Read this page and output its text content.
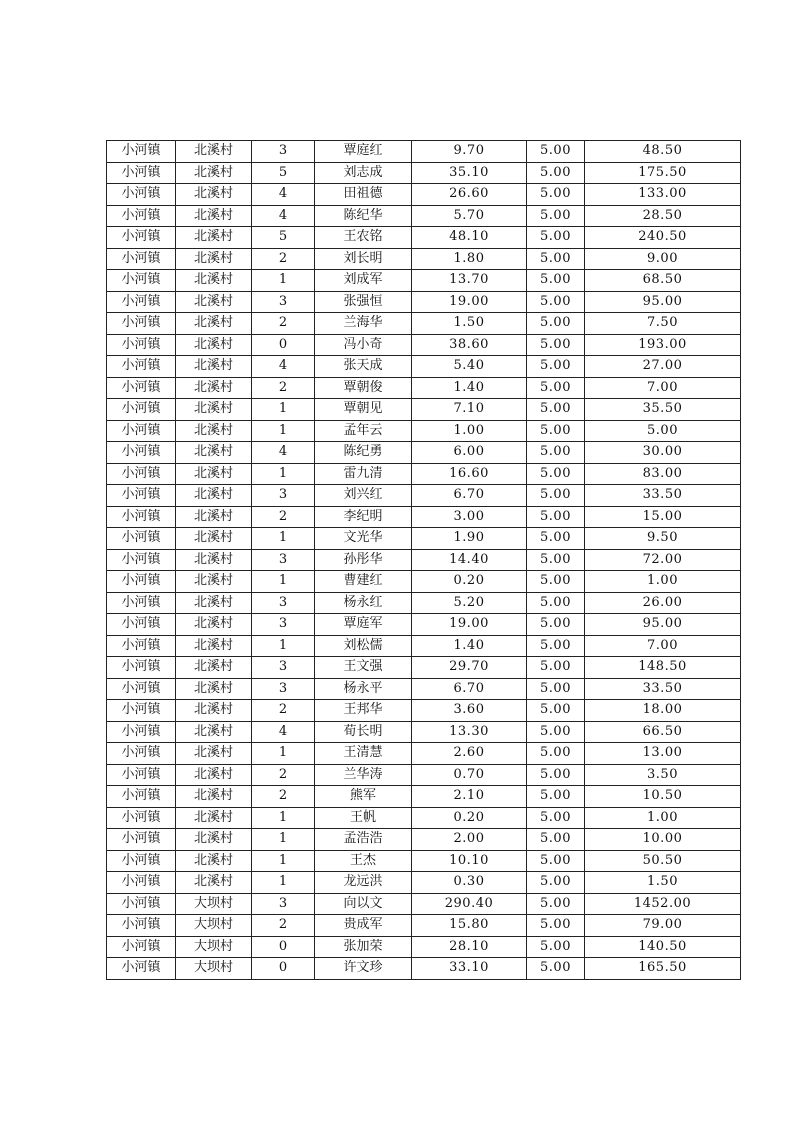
小河镇	北溪村	3	覃庭红	9.70	5.00	48.50
小河镇	北溪村	5	刘志成	35.10	5.00	175.50
小河镇	北溪村	4	田祖德	26.60	5.00	133.00
小河镇	北溪村	4	陈纪华	5.70	5.00	28.50
小河镇	北溪村	5	王农铭	48.10	5.00	240.50
小河镇	北溪村	2	刘长明	1.80	5.00	9.00
小河镇	北溪村	1	刘成军	13.70	5.00	68.50
小河镇	北溪村	3	张强恒	19.00	5.00	95.00
小河镇	北溪村	2	兰海华	1.50	5.00	7.50
小河镇	北溪村	0	冯小奇	38.60	5.00	193.00
小河镇	北溪村	4	张天成	5.40	5.00	27.00
小河镇	北溪村	2	覃朝俊	1.40	5.00	7.00
小河镇	北溪村	1	覃朝见	7.10	5.00	35.50
小河镇	北溪村	1	孟年云	1.00	5.00	5.00
小河镇	北溪村	4	陈纪勇	6.00	5.00	30.00
小河镇	北溪村	1	雷九清	16.60	5.00	83.00
小河镇	北溪村	3	刘兴红	6.70	5.00	33.50
小河镇	北溪村	2	李纪明	3.00	5.00	15.00
小河镇	北溪村	1	文光华	1.90	5.00	9.50
小河镇	北溪村	3	孙彤华	14.40	5.00	72.00
小河镇	北溪村	1	曹建红	0.20	5.00	1.00
小河镇	北溪村	3	杨永红	5.20	5.00	26.00
小河镇	北溪村	3	覃庭军	19.00	5.00	95.00
小河镇	北溪村	1	刘松儒	1.40	5.00	7.00
小河镇	北溪村	3	王文强	29.70	5.00	148.50
小河镇	北溪村	3	杨永平	6.70	5.00	33.50
小河镇	北溪村	2	王邦华	3.60	5.00	18.00
小河镇	北溪村	4	荀长明	13.30	5.00	66.50
小河镇	北溪村	1	王清慧	2.60	5.00	13.00
小河镇	北溪村	2	兰华涛	0.70	5.00	3.50
小河镇	北溪村	2	熊军	2.10	5.00	10.50
小河镇	北溪村	1	王帆	0.20	5.00	1.00
小河镇	北溪村	1	孟浩浩	2.00	5.00	10.00
小河镇	北溪村	1	王杰	10.10	5.00	50.50
小河镇	北溪村	1	龙远洪	0.30	5.00	1.50
小河镇	大坝村	3	向以文	290.40	5.00	1452.00
小河镇	大坝村	2	贵成军	15.80	5.00	79.00
小河镇	大坝村	0	张加荣	28.10	5.00	140.50
小河镇	大坝村	0	许文珍	33.10	5.00	165.50
